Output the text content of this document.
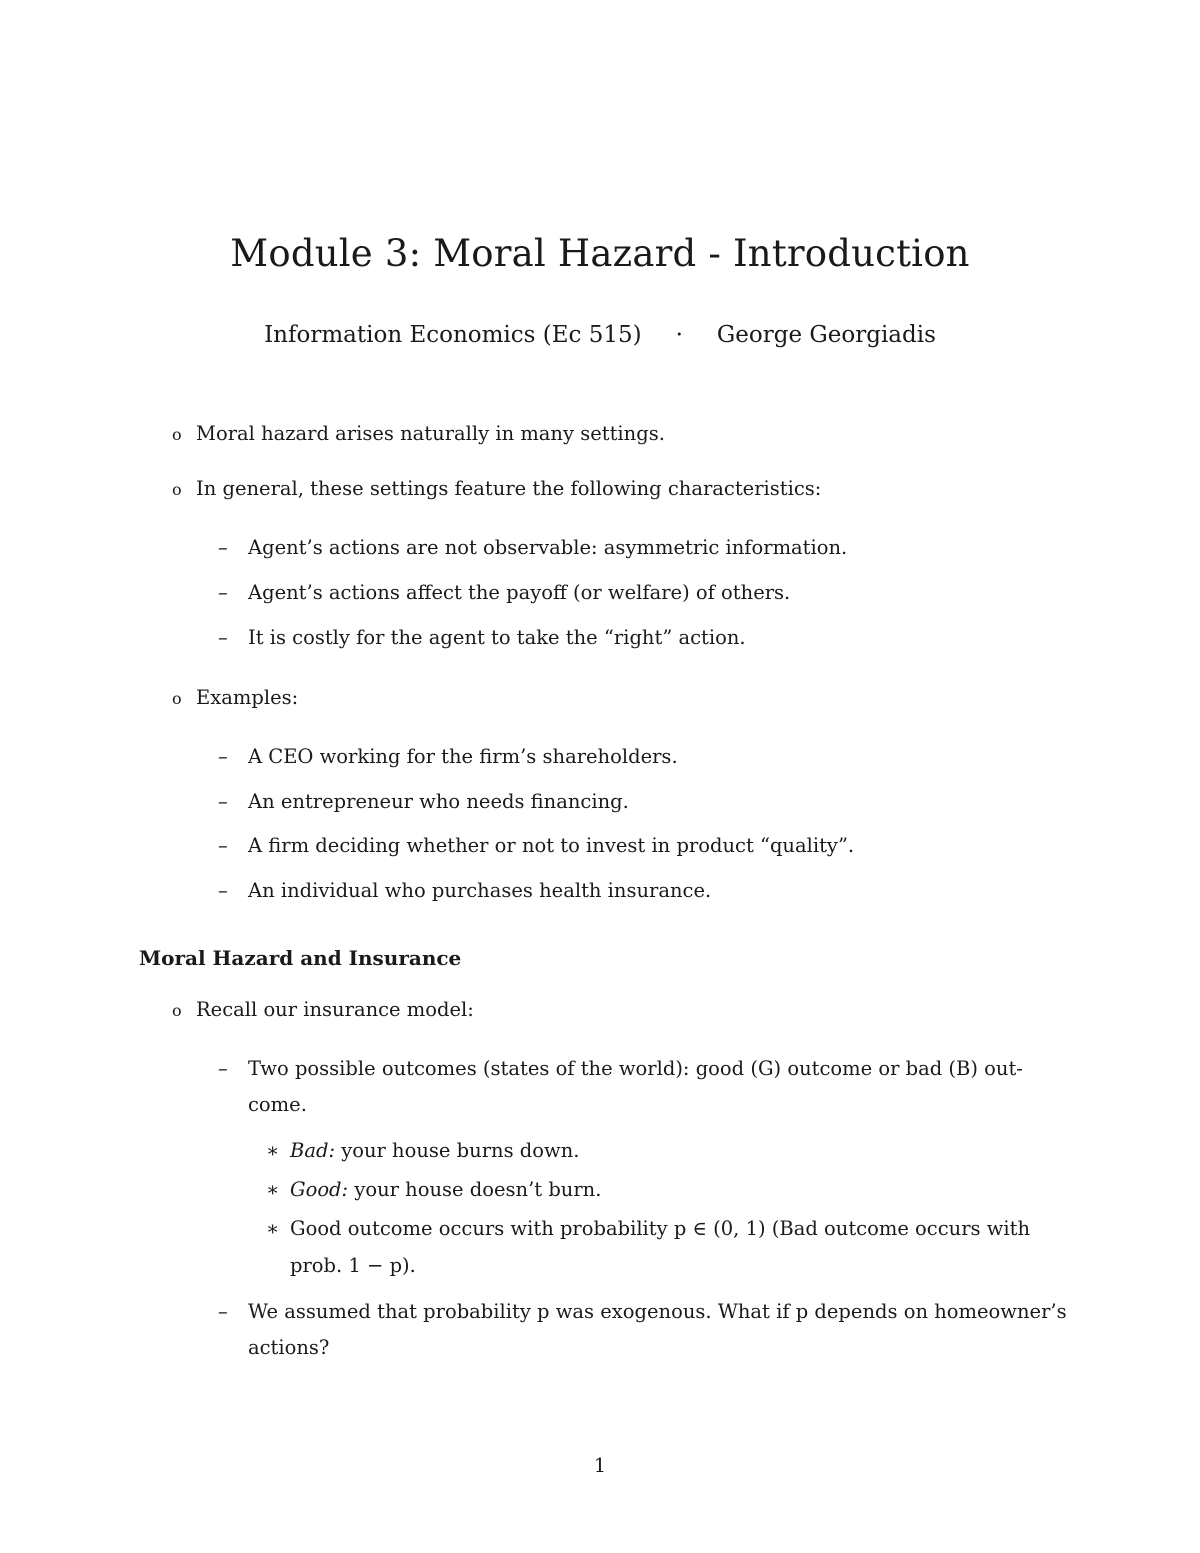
Module 3: Moral Hazard - Introduction
Information Economics (Ec 515) · George Georgiadis
o Moral hazard arises naturally in many settings.
o In general, these settings feature the following characteristics:
– Agent’s actions are not observable: asymmetric information.
– Agent’s actions affect the payoff (or welfare) of others.
– It is costly for the agent to take the “right” action.
o Examples:
– A CEO working for the firm’s shareholders.
– An entrepreneur who needs financing.
– A firm deciding whether or not to invest in product “quality”.
– An individual who purchases health insurance.
Moral Hazard and Insurance
o Recall our insurance model:
– Two possible outcomes (states of the world): good (G) outcome or bad (B) out-
come.
∗ Bad: your house burns down.
∗ Good: your house doesn’t burn.
∗ Good outcome occurs with probability p ∈ (0, 1) (Bad outcome occurs with
prob. 1 − p).
– We assumed that probability p was exogenous. What if p depends on homeowner’s
actions?
1
